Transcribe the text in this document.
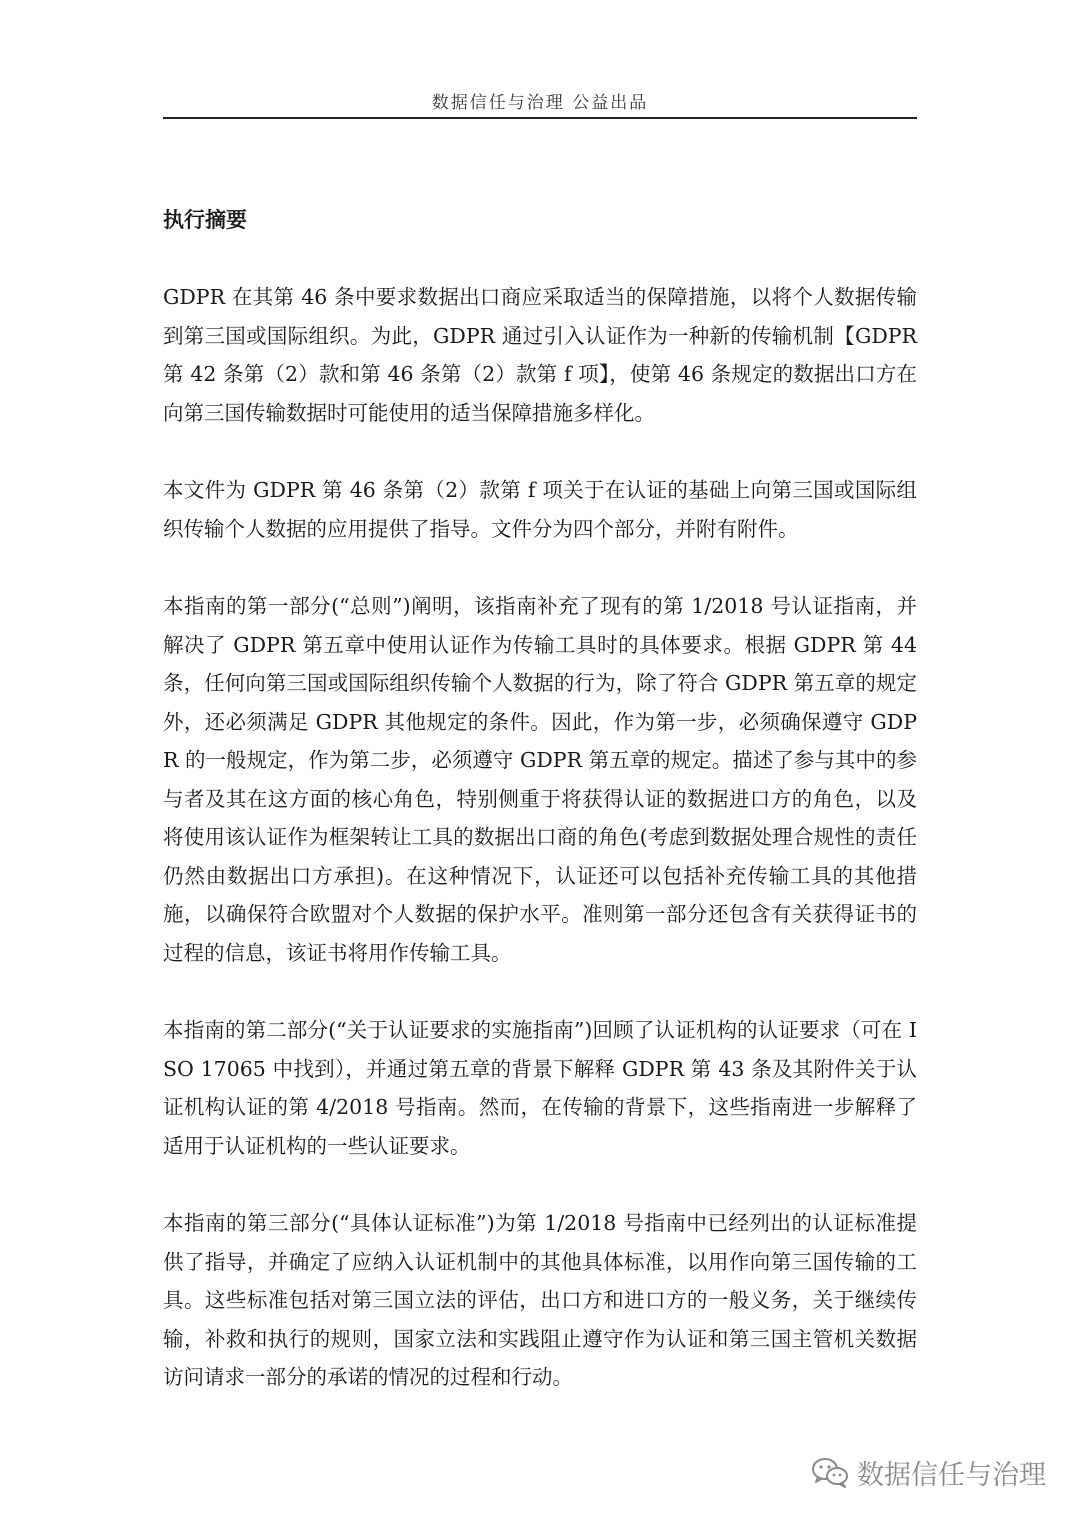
数据信任与治理 公益出品
执行摘要

GDPR 在其第 46 条中要求数据出口商应采取适当的保障措施，以将个人数据传输到第三国或国际组织。为此，GDPR 通过引入认证作为一种新的传输机制【GDPR 第 42 条第（2）款和第 46 条第（2）款第 f 项】，使第 46 条规定的数据出口方在向第三国传输数据时可能使用的适当保障措施多样化。

本文件为 GDPR 第 46 条第（2）款第 f 项关于在认证的基础上向第三国或国际组织传输个人数据的应用提供了指导。文件分为四个部分，并附有附件。

本指南的第一部分(“总则”)阐明，该指南补充了现有的第 1/2018 号认证指南，并解决了 GDPR 第五章中使用认证作为传输工具时的具体要求。根据 GDPR 第 44 条，任何向第三国或国际组织传输个人数据的行为，除了符合 GDPR 第五章的规定外，还必须满足 GDPR 其他规定的条件。因此，作为第一步，必须确保遵守 GDPR 的一般规定，作为第二步，必须遵守 GDPR 第五章的规定。描述了参与其中的参与者及其在这方面的核心角色，特别侧重于将获得认证的数据进口方的角色，以及将使用该认证作为框架转让工具的数据出口商的角色(考虑到数据处理合规性的责任仍然由数据出口方承担)。在这种情况下，认证还可以包括补充传输工具的其他措施，以确保符合欧盟对个人数据的保护水平。准则第一部分还包含有关获得证书的过程的信息，该证书将用作传输工具。

本指南的第二部分(“关于认证要求的实施指南”)回顾了认证机构的认证要求（可在 ISO 17065 中找到），并通过第五章的背景下解释 GDPR 第 43 条及其附件关于认证机构认证的第 4/2018 号指南。然而，在传输的背景下，这些指南进一步解释了适用于认证机构的一些认证要求。

本指南的第三部分(“具体认证标准”)为第 1/2018 号指南中已经列出的认证标准提供了指导，并确定了应纳入认证机制中的其他具体标准，以用作向第三国传输的工具。这些标准包括对第三国立法的评估，出口方和进口方的一般义务，关于继续传输，补救和执行的规则，国家立法和实践阻止遵守作为认证和第三国主管机关数据访问请求一部分的承诺的情况的过程和行动。

数据信任与治理
